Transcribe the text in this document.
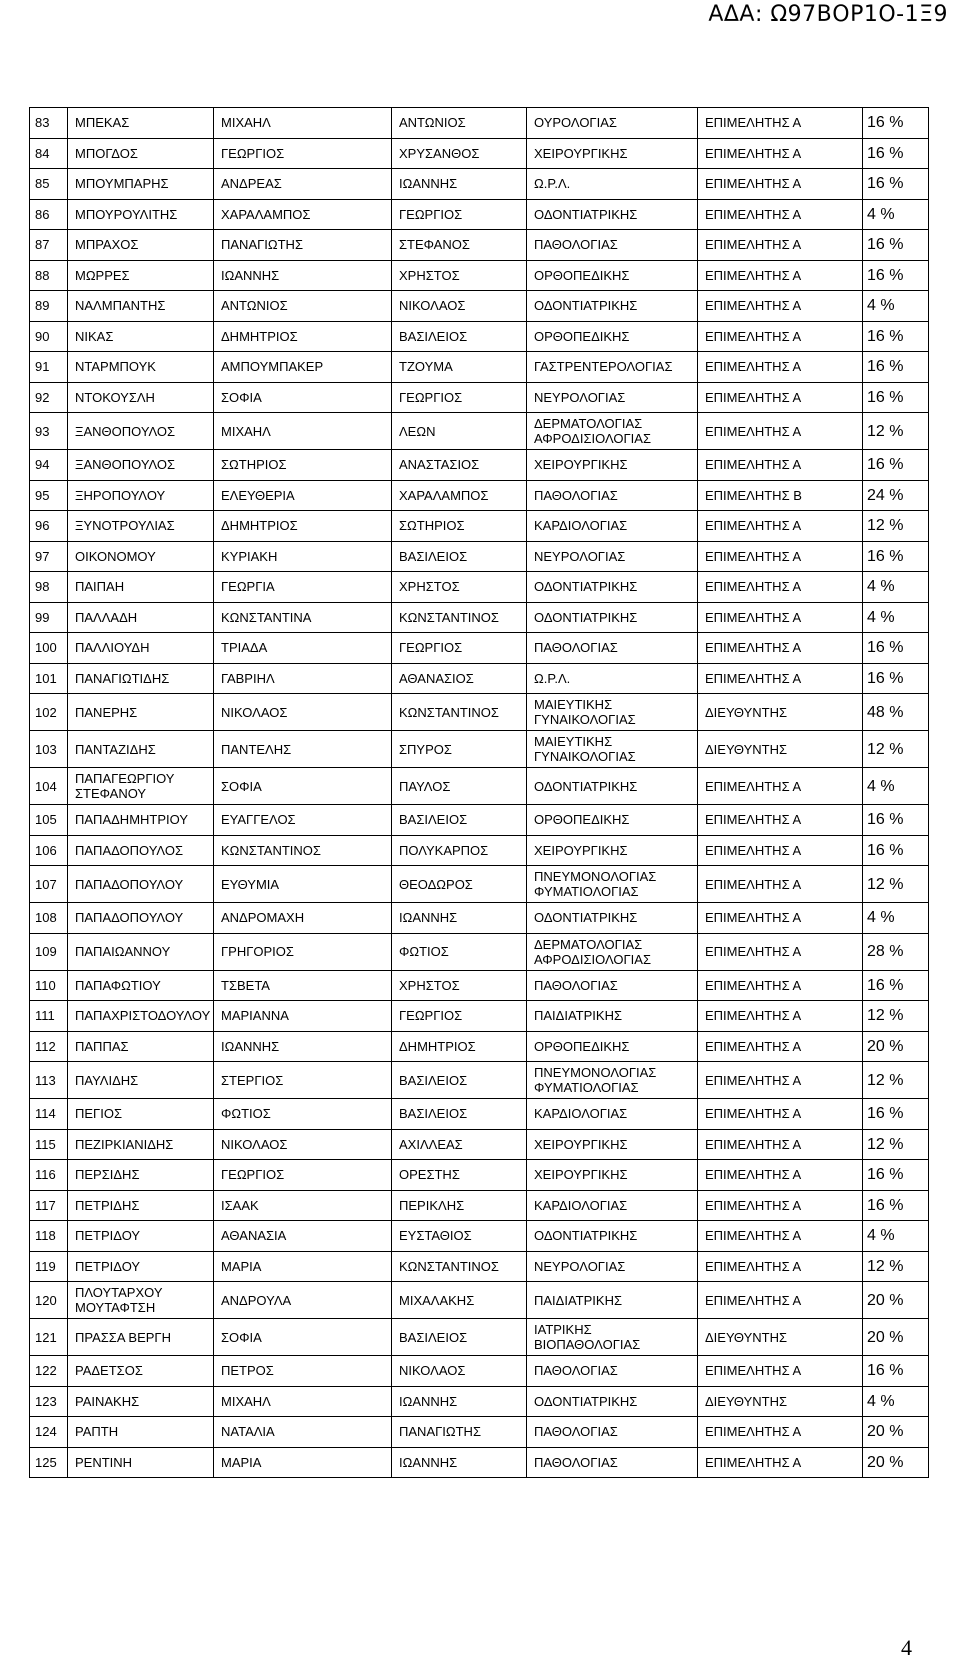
ΑΔΑ: Ω97ΒΟΡ1Ο-1Ξ9
83	ΜΠΕΚΑΣ	ΜΙΧΑΗΛ	ΑΝΤΩΝΙΟΣ	ΟΥΡΟΛΟΓΙΑΣ	ΕΠΙΜΕΛΗΤΗΣ Α	16 %
84	ΜΠΟΓΔΟΣ	ΓΕΩΡΓΙΟΣ	ΧΡΥΣΑΝΘΟΣ	ΧΕΙΡΟΥΡΓΙΚΗΣ	ΕΠΙΜΕΛΗΤΗΣ Α	16 %
85	ΜΠΟΥΜΠΑΡΗΣ	ΑΝΔΡΕΑΣ	ΙΩΑΝΝΗΣ	Ω.Ρ.Λ.	ΕΠΙΜΕΛΗΤΗΣ Α	16 %
86	ΜΠΟΥΡΟΥΛΙΤΗΣ	ΧΑΡΑΛΑΜΠΟΣ	ΓΕΩΡΓΙΟΣ	ΟΔΟΝΤΙΑΤΡΙΚΗΣ	ΕΠΙΜΕΛΗΤΗΣ Α	4 %
87	ΜΠΡΑΧΟΣ	ΠΑΝΑΓΙΩΤΗΣ	ΣΤΕΦΑΝΟΣ	ΠΑΘΟΛΟΓΙΑΣ	ΕΠΙΜΕΛΗΤΗΣ Α	16 %
88	ΜΩΡΡΕΣ	ΙΩΑΝΝΗΣ	ΧΡΗΣΤΟΣ	ΟΡΘΟΠΕΔΙΚΗΣ	ΕΠΙΜΕΛΗΤΗΣ Α	16 %
89	ΝΑΛΜΠΑΝΤΗΣ	ΑΝΤΩΝΙΟΣ	ΝΙΚΟΛΑΟΣ	ΟΔΟΝΤΙΑΤΡΙΚΗΣ	ΕΠΙΜΕΛΗΤΗΣ Α	4 %
90	ΝΙΚΑΣ	ΔΗΜΗΤΡΙΟΣ	ΒΑΣΙΛΕΙΟΣ	ΟΡΘΟΠΕΔΙΚΗΣ	ΕΠΙΜΕΛΗΤΗΣ Α	16 %
91	ΝΤΑΡΜΠΟΥΚ	ΑΜΠΟΥΜΠΑΚΕΡ	ΤΖΟΥΜΑ	ΓΑΣΤΡΕΝΤΕΡΟΛΟΓΙΑΣ	ΕΠΙΜΕΛΗΤΗΣ Α	16 %
92	ΝΤΟΚΟΥΣΛΗ	ΣΟΦΙΑ	ΓΕΩΡΓΙΟΣ	ΝΕΥΡΟΛΟΓΙΑΣ	ΕΠΙΜΕΛΗΤΗΣ Α	16 %
93	ΞΑΝΘΟΠΟΥΛΟΣ	ΜΙΧΑΗΛ	ΛΕΩΝ	ΔΕΡΜΑΤΟΛΟΓΙΑΣ ΑΦΡΟΔΙΣΙΟΛΟΓΙΑΣ	ΕΠΙΜΕΛΗΤΗΣ Α	12 %
94	ΞΑΝΘΟΠΟΥΛΟΣ	ΣΩΤΗΡΙΟΣ	ΑΝΑΣΤΑΣΙΟΣ	ΧΕΙΡΟΥΡΓΙΚΗΣ	ΕΠΙΜΕΛΗΤΗΣ Α	16 %
95	ΞΗΡΟΠΟΥΛΟΥ	ΕΛΕΥΘΕΡΙΑ	ΧΑΡΑΛΑΜΠΟΣ	ΠΑΘΟΛΟΓΙΑΣ	ΕΠΙΜΕΛΗΤΗΣ Β	24 %
96	ΞΥΝΟΤΡΟΥΛΙΑΣ	ΔΗΜΗΤΡΙΟΣ	ΣΩΤΗΡΙΟΣ	ΚΑΡΔΙΟΛΟΓΙΑΣ	ΕΠΙΜΕΛΗΤΗΣ Α	12 %
97	ΟΙΚΟΝΟΜΟΥ	ΚΥΡΙΑΚΗ	ΒΑΣΙΛΕΙΟΣ	ΝΕΥΡΟΛΟΓΙΑΣ	ΕΠΙΜΕΛΗΤΗΣ Α	16 %
98	ΠΑΙΠΑΗ	ΓΕΩΡΓΙΑ	ΧΡΗΣΤΟΣ	ΟΔΟΝΤΙΑΤΡΙΚΗΣ	ΕΠΙΜΕΛΗΤΗΣ Α	4 %
99	ΠΑΛΛΑΔΗ	ΚΩΝΣΤΑΝΤΙΝΑ	ΚΩΝΣΤΑΝΤΙΝΟΣ	ΟΔΟΝΤΙΑΤΡΙΚΗΣ	ΕΠΙΜΕΛΗΤΗΣ Α	4 %
100	ΠΑΛΛΙΟΥΔΗ	ΤΡΙΑΔΑ	ΓΕΩΡΓΙΟΣ	ΠΑΘΟΛΟΓΙΑΣ	ΕΠΙΜΕΛΗΤΗΣ Α	16 %
101	ΠΑΝΑΓΙΩΤΙΔΗΣ	ΓΑΒΡΙΗΛ	ΑΘΑΝΑΣΙΟΣ	Ω.Ρ.Λ.	ΕΠΙΜΕΛΗΤΗΣ Α	16 %
102	ΠΑΝΕΡΗΣ	ΝΙΚΟΛΑΟΣ	ΚΩΝΣΤΑΝΤΙΝΟΣ	ΜΑΙΕΥΤΙΚΗΣ ΓΥΝΑΙΚΟΛΟΓΙΑΣ	ΔΙΕΥΘΥΝΤΗΣ	48 %
103	ΠΑΝΤΑΖΙΔΗΣ	ΠΑΝΤΕΛΗΣ	ΣΠΥΡΟΣ	ΜΑΙΕΥΤΙΚΗΣ ΓΥΝΑΙΚΟΛΟΓΙΑΣ	ΔΙΕΥΘΥΝΤΗΣ	12 %
104	ΠΑΠΑΓΕΩΡΓΙΟΥ ΣΤΕΦΑΝΟΥ	ΣΟΦΙΑ	ΠΑΥΛΟΣ	ΟΔΟΝΤΙΑΤΡΙΚΗΣ	ΕΠΙΜΕΛΗΤΗΣ Α	4 %
105	ΠΑΠΑΔΗΜΗΤΡΙΟΥ	ΕΥΑΓΓΕΛΟΣ	ΒΑΣΙΛΕΙΟΣ	ΟΡΘΟΠΕΔΙΚΗΣ	ΕΠΙΜΕΛΗΤΗΣ Α	16 %
106	ΠΑΠΑΔΟΠΟΥΛΟΣ	ΚΩΝΣΤΑΝΤΙΝΟΣ	ΠΟΛΥΚΑΡΠΟΣ	ΧΕΙΡΟΥΡΓΙΚΗΣ	ΕΠΙΜΕΛΗΤΗΣ Α	16 %
107	ΠΑΠΑΔΟΠΟΥΛΟΥ	ΕΥΘΥΜΙΑ	ΘΕΟΔΩΡΟΣ	ΠΝΕΥΜΟΝΟΛΟΓΙΑΣ ΦΥΜΑΤΙΟΛΟΓΙΑΣ	ΕΠΙΜΕΛΗΤΗΣ Α	12 %
108	ΠΑΠΑΔΟΠΟΥΛΟΥ	ΑΝΔΡΟΜΑΧΗ	ΙΩΑΝΝΗΣ	ΟΔΟΝΤΙΑΤΡΙΚΗΣ	ΕΠΙΜΕΛΗΤΗΣ Α	4 %
109	ΠΑΠΑΙΩΑΝΝΟΥ	ΓΡΗΓΟΡΙΟΣ	ΦΩΤΙΟΣ	ΔΕΡΜΑΤΟΛΟΓΙΑΣ ΑΦΡΟΔΙΣΙΟΛΟΓΙΑΣ	ΕΠΙΜΕΛΗΤΗΣ Α	28 %
110	ΠΑΠΑΦΩΤΙΟΥ	ΤΣΒΕΤΑ	ΧΡΗΣΤΟΣ	ΠΑΘΟΛΟΓΙΑΣ	ΕΠΙΜΕΛΗΤΗΣ Α	16 %
111	ΠΑΠΑΧΡΙΣΤΟΔΟΥΛΟΥ	ΜΑΡΙΑΝΝΑ	ΓΕΩΡΓΙΟΣ	ΠΑΙΔΙΑΤΡΙΚΗΣ	ΕΠΙΜΕΛΗΤΗΣ Α	12 %
112	ΠΑΠΠΑΣ	ΙΩΑΝΝΗΣ	ΔΗΜΗΤΡΙΟΣ	ΟΡΘΟΠΕΔΙΚΗΣ	ΕΠΙΜΕΛΗΤΗΣ Α	20 %
113	ΠΑΥΛΙΔΗΣ	ΣΤΕΡΓΙΟΣ	ΒΑΣΙΛΕΙΟΣ	ΠΝΕΥΜΟΝΟΛΟΓΙΑΣ ΦΥΜΑΤΙΟΛΟΓΙΑΣ	ΕΠΙΜΕΛΗΤΗΣ Α	12 %
114	ΠΕΓΙΟΣ	ΦΩΤΙΟΣ	ΒΑΣΙΛΕΙΟΣ	ΚΑΡΔΙΟΛΟΓΙΑΣ	ΕΠΙΜΕΛΗΤΗΣ Α	16 %
115	ΠΕΖΙΡΚΙΑΝΙΔΗΣ	ΝΙΚΟΛΑΟΣ	ΑΧΙΛΛΕΑΣ	ΧΕΙΡΟΥΡΓΙΚΗΣ	ΕΠΙΜΕΛΗΤΗΣ Α	12 %
116	ΠΕΡΣΙΔΗΣ	ΓΕΩΡΓΙΟΣ	ΟΡΕΣΤΗΣ	ΧΕΙΡΟΥΡΓΙΚΗΣ	ΕΠΙΜΕΛΗΤΗΣ Α	16 %
117	ΠΕΤΡΙΔΗΣ	ΙΣΑΑΚ	ΠΕΡΙΚΛΗΣ	ΚΑΡΔΙΟΛΟΓΙΑΣ	ΕΠΙΜΕΛΗΤΗΣ Α	16 %
118	ΠΕΤΡΙΔΟΥ	ΑΘΑΝΑΣΙΑ	ΕΥΣΤΑΘΙΟΣ	ΟΔΟΝΤΙΑΤΡΙΚΗΣ	ΕΠΙΜΕΛΗΤΗΣ Α	4 %
119	ΠΕΤΡΙΔΟΥ	ΜΑΡΙΑ	ΚΩΝΣΤΑΝΤΙΝΟΣ	ΝΕΥΡΟΛΟΓΙΑΣ	ΕΠΙΜΕΛΗΤΗΣ Α	12 %
120	ΠΛΟΥΤΑΡΧΟΥ ΜΟΥΤΑΦΤΣΗ	ΑΝΔΡΟΥΛΑ	ΜΙΧΑΛΑΚΗΣ	ΠΑΙΔΙΑΤΡΙΚΗΣ	ΕΠΙΜΕΛΗΤΗΣ Α	20 %
121	ΠΡΑΣΣΑ ΒΕΡΓΗ	ΣΟΦΙΑ	ΒΑΣΙΛΕΙΟΣ	ΙΑΤΡΙΚΗΣ ΒΙΟΠΑΘΟΛΟΓΙΑΣ	ΔΙΕΥΘΥΝΤΗΣ	20 %
122	ΡΑΔΕΤΣΟΣ	ΠΕΤΡΟΣ	ΝΙΚΟΛΑΟΣ	ΠΑΘΟΛΟΓΙΑΣ	ΕΠΙΜΕΛΗΤΗΣ Α	16 %
123	ΡΑΙΝΑΚΗΣ	ΜΙΧΑΗΛ	ΙΩΑΝΝΗΣ	ΟΔΟΝΤΙΑΤΡΙΚΗΣ	ΔΙΕΥΘΥΝΤΗΣ	4 %
124	ΡΑΠΤΗ	ΝΑΤΑΛΙΑ	ΠΑΝΑΓΙΩΤΗΣ	ΠΑΘΟΛΟΓΙΑΣ	ΕΠΙΜΕΛΗΤΗΣ Α	20 %
125	ΡΕΝΤΙΝΗ	ΜΑΡΙΑ	ΙΩΑΝΝΗΣ	ΠΑΘΟΛΟΓΙΑΣ	ΕΠΙΜΕΛΗΤΗΣ Α	20 %
4
